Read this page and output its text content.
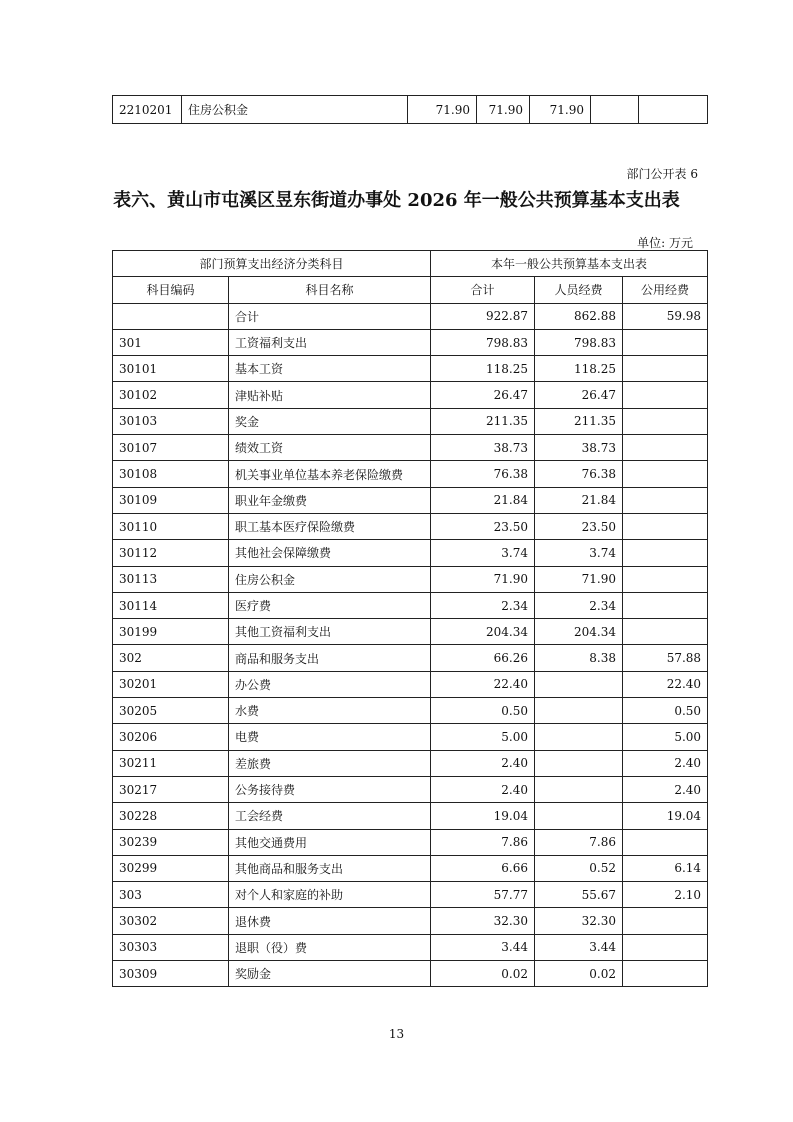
2210201	住房公积金	71.90	71.90	71.90		
部门公开表 6
表六、黄山市屯溪区昱东街道办事处 2026 年一般公共预算基本支出表
单位: 万元
部门预算支出经济分类科目		本年一般公共预算基本支出表		
科目编码	科目名称	合计	人员经费	公用经费
	合计	922.87	862.88	59.98
301	工资福利支出	798.83	798.83	
30101	基本工资	118.25	118.25	
30102	津贴补贴	26.47	26.47	
30103	奖金	211.35	211.35	
30107	绩效工资	38.73	38.73	
30108	机关事业单位基本养老保险缴费	76.38	76.38	
30109	职业年金缴费	21.84	21.84	
30110	职工基本医疗保险缴费	23.50	23.50	
30112	其他社会保障缴费	3.74	3.74	
30113	住房公积金	71.90	71.90	
30114	医疗费	2.34	2.34	
30199	其他工资福利支出	204.34	204.34	
302	商品和服务支出	66.26	8.38	57.88
30201	办公费	22.40		22.40
30205	水费	0.50		0.50
30206	电费	5.00		5.00
30211	差旅费	2.40		2.40
30217	公务接待费	2.40		2.40
30228	工会经费	19.04		19.04
30239	其他交通费用	7.86	7.86	
30299	其他商品和服务支出	6.66	0.52	6.14
303	对个人和家庭的补助	57.77	55.67	2.10
30302	退休费	32.30	32.30	
30303	退职（役）费	3.44	3.44	
30309	奖励金	0.02	0.02	
13
